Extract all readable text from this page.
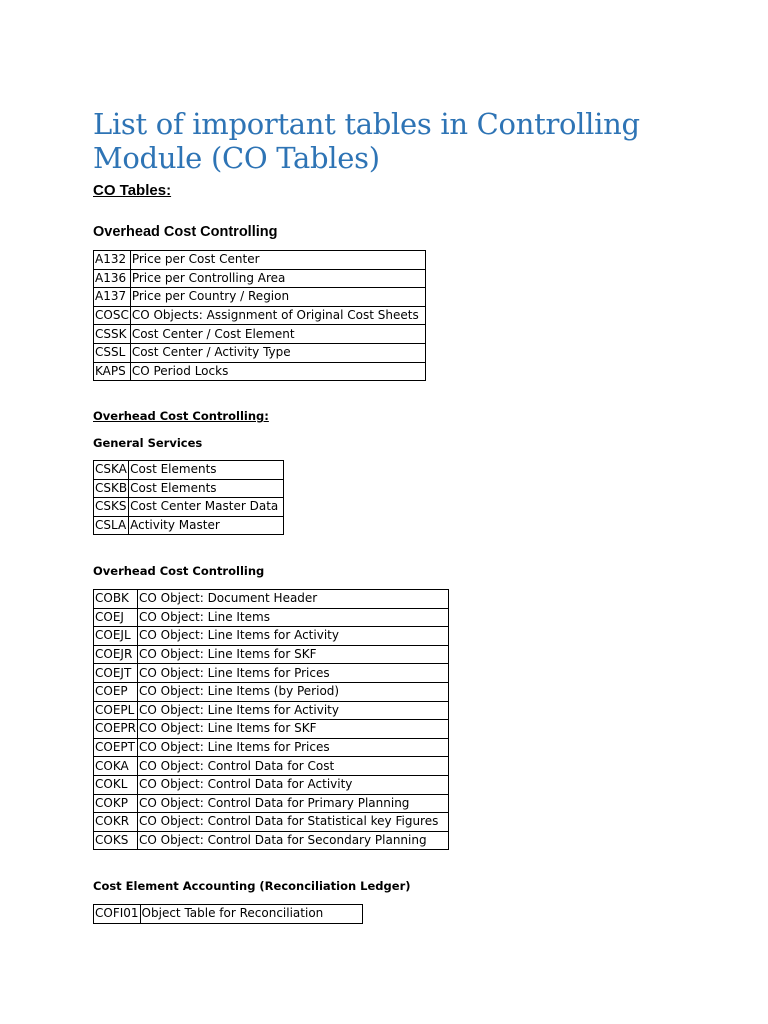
List of important tables in Controlling Module (CO Tables)
CO Tables:
Overhead Cost Controlling
A132	Price per Cost Center
A136	Price per Controlling Area
A137	Price per Country / Region
COSC	CO Objects: Assignment of Original Cost Sheets
CSSK	Cost Center / Cost Element
CSSL	Cost Center / Activity Type
KAPS	CO Period Locks
Overhead Cost Controlling:
General Services
CSKA	Cost Elements
CSKB	Cost Elements
CSKS	Cost Center Master Data
CSLA	Activity Master
Overhead Cost Controlling
COBK	CO Object: Document Header
COEJ	CO Object: Line Items
COEJL	CO Object: Line Items for Activity
COEJR	CO Object: Line Items for SKF
COEJT	CO Object: Line Items for Prices
COEP	CO Object: Line Items (by Period)
COEPL	CO Object: Line Items for Activity
COEPR	CO Object: Line Items for SKF
COEPT	CO Object: Line Items for Prices
COKA	CO Object: Control Data for Cost
COKL	CO Object: Control Data for Activity
COKP	CO Object: Control Data for Primary Planning
COKR	CO Object: Control Data for Statistical key Figures
COKS	CO Object: Control Data for Secondary Planning
Cost Element Accounting (Reconciliation Ledger)
COFI01	Object Table for Reconciliation
